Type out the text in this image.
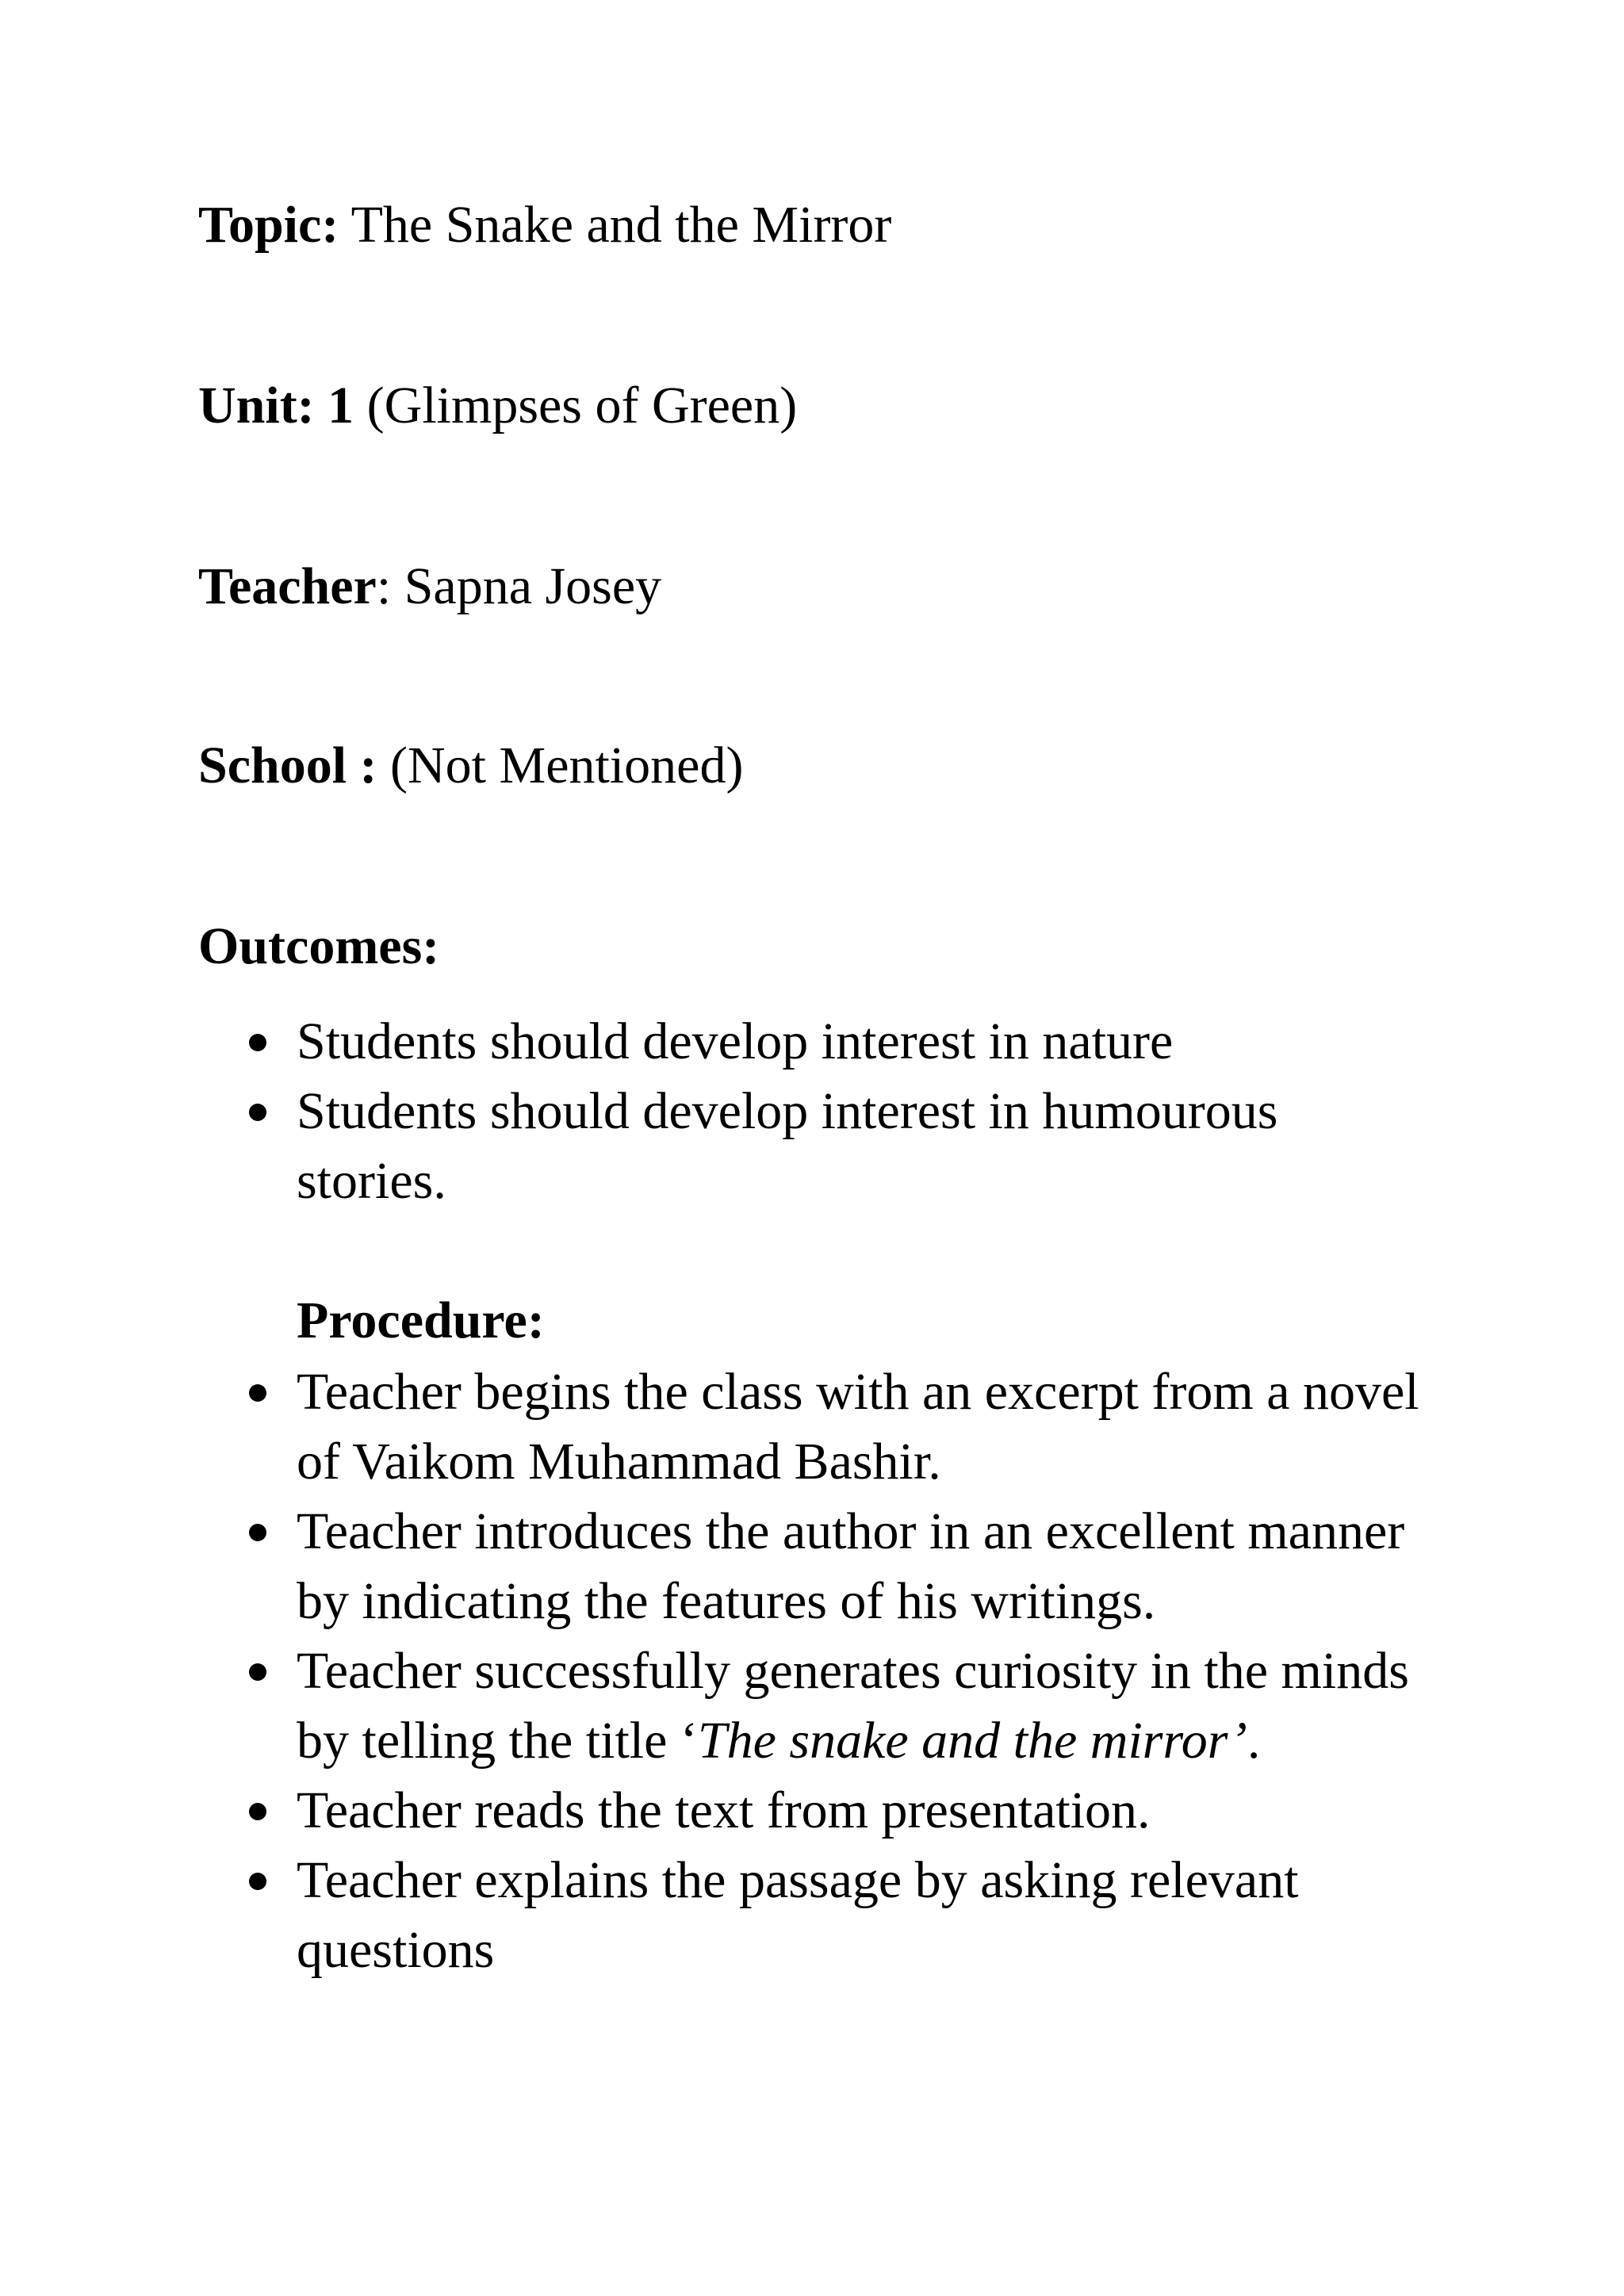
Topic: The Snake and the Mirror

Unit: 1 (Glimpses of Green)

Teacher: Sapna Josey

School : (Not Mentioned)

Outcomes:

Students should develop interest in nature
Students should develop interest in humourous stories.

Procedure:

Teacher begins the class with an excerpt from a novel of Vaikom Muhammad Bashir.
Teacher introduces the author in an excellent manner by indicating the features of his writings.
Teacher successfully generates curiosity in the minds by telling the title ‘The snake and the mirror’.
Teacher reads the text from presentation.
Teacher explains the passage by asking relevant questions
